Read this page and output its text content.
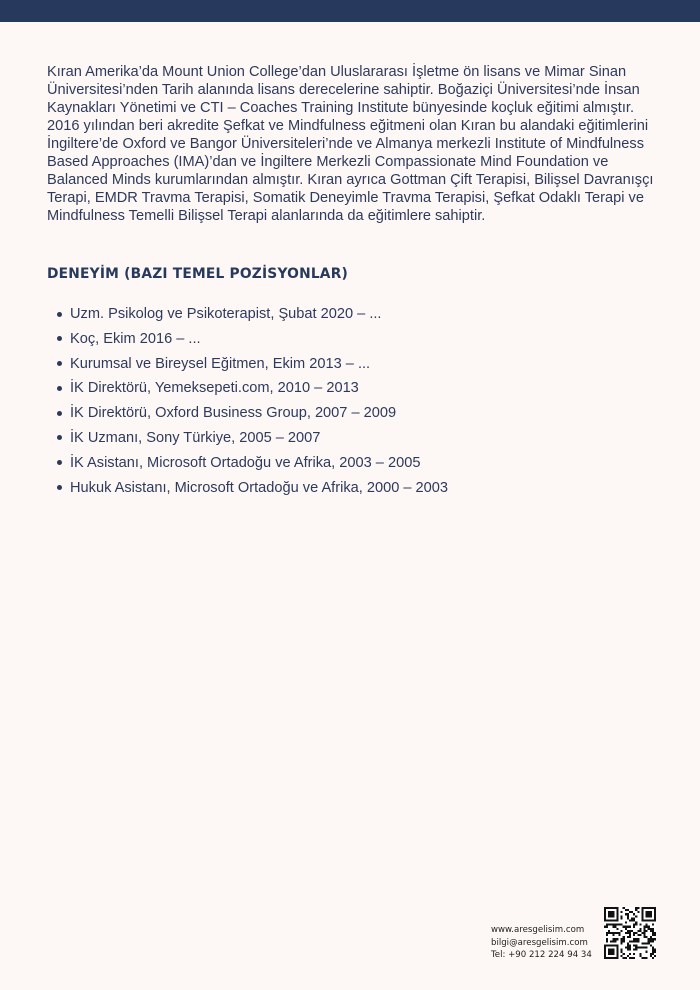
Kıran Amerika’da Mount Union College’dan Uluslararası İşletme ön lisans ve Mimar Sinan Üniversitesi’nden Tarih alanında lisans derecelerine sahiptir. Boğaziçi Üniversitesi’nde İnsan Kaynakları Yönetimi ve CTI – Coaches Training Institute bünyesinde koçluk eğitimi almıştır. 2016 yılından beri akredite Şefkat ve Mindfulness eğitmeni olan Kıran bu alandaki eğitimlerini İngiltere’de Oxford ve Bangor Üniversiteleri’nde ve Almanya merkezli Institute of Mindfulness Based Approaches (IMA)’dan ve İngiltere Merkezli Compassionate Mind Foundation ve Balanced Minds kurumlarından almıştır. Kıran ayrıca Gottman Çift Terapisi, Bilişsel Davranışçı Terapi, EMDR Travma Terapisi, Somatik Deneyimle Travma Terapisi, Şefkat Odaklı Terapi ve Mindfulness Temelli Bilişsel Terapi alanlarında da eğitimlere sahiptir.

DENEYİM (BAZI TEMEL POZİSYONLAR)
Uzm. Psikolog ve Psikoterapist, Şubat 2020 – ...
Koç, Ekim 2016 – ...
Kurumsal ve Bireysel Eğitmen, Ekim 2013 – ...
İK Direktörü, Yemeksepeti.com, 2010 – 2013
İK Direktörü, Oxford Business Group, 2007 – 2009
İK Uzmanı, Sony Türkiye, 2005 – 2007
İK Asistanı, Microsoft Ortadoğu ve Afrika, 2003 – 2005
Hukuk Asistanı, Microsoft Ortadoğu ve Afrika, 2000 – 2003
www.aresgelisim.com
bilgi@aresgelisim.com
Tel: +90 212 224 94 34
